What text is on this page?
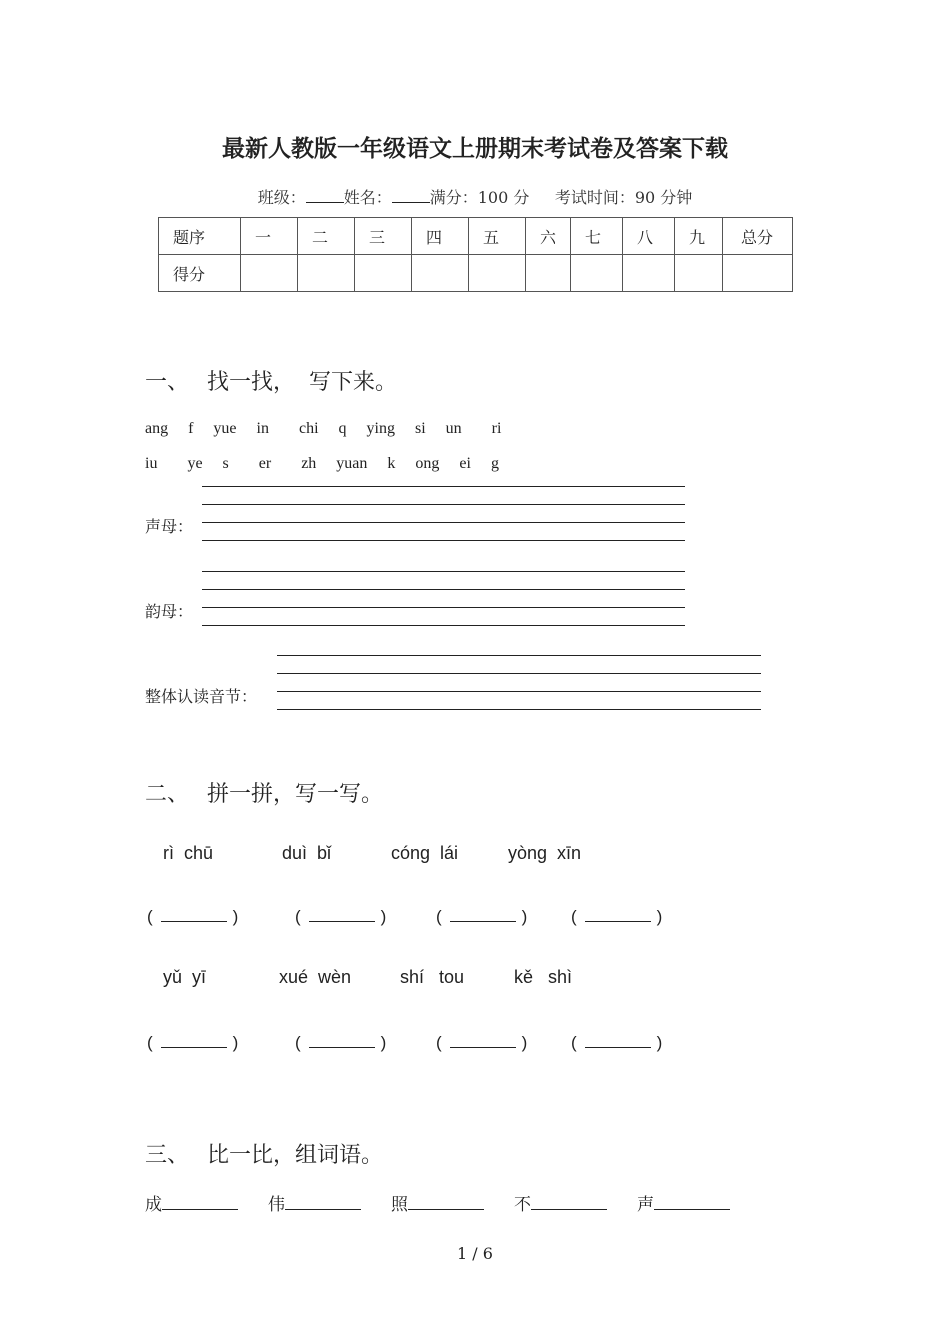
最新人教版一年级语文上册期末考试卷及答案下载
班级： 姓名： 满分：100 分 考试时间：90 分钟
题序	一	二	三	四	五	六	七	八	九	总分
得分										
一、 找一找，  写下来。
ang  f  yue  in   chi  q  ying  si  un   ri
iu   ye  s   er   zh  yuan  k  ong  ei  g
声母：
韵母：
整体认读音节：
二、 拼一拼，写一写。
rì  chū	duì  bǐ	cóng  lái	yòng  xīn
(	)	(	)	(	)	(	)
yǔ  yī	xué  wèn	shí   tou	kě   shì
(	)	(	)	(	)	(	)
三、 比一比，组词语。
成	伟	照	不	声
1 / 6
